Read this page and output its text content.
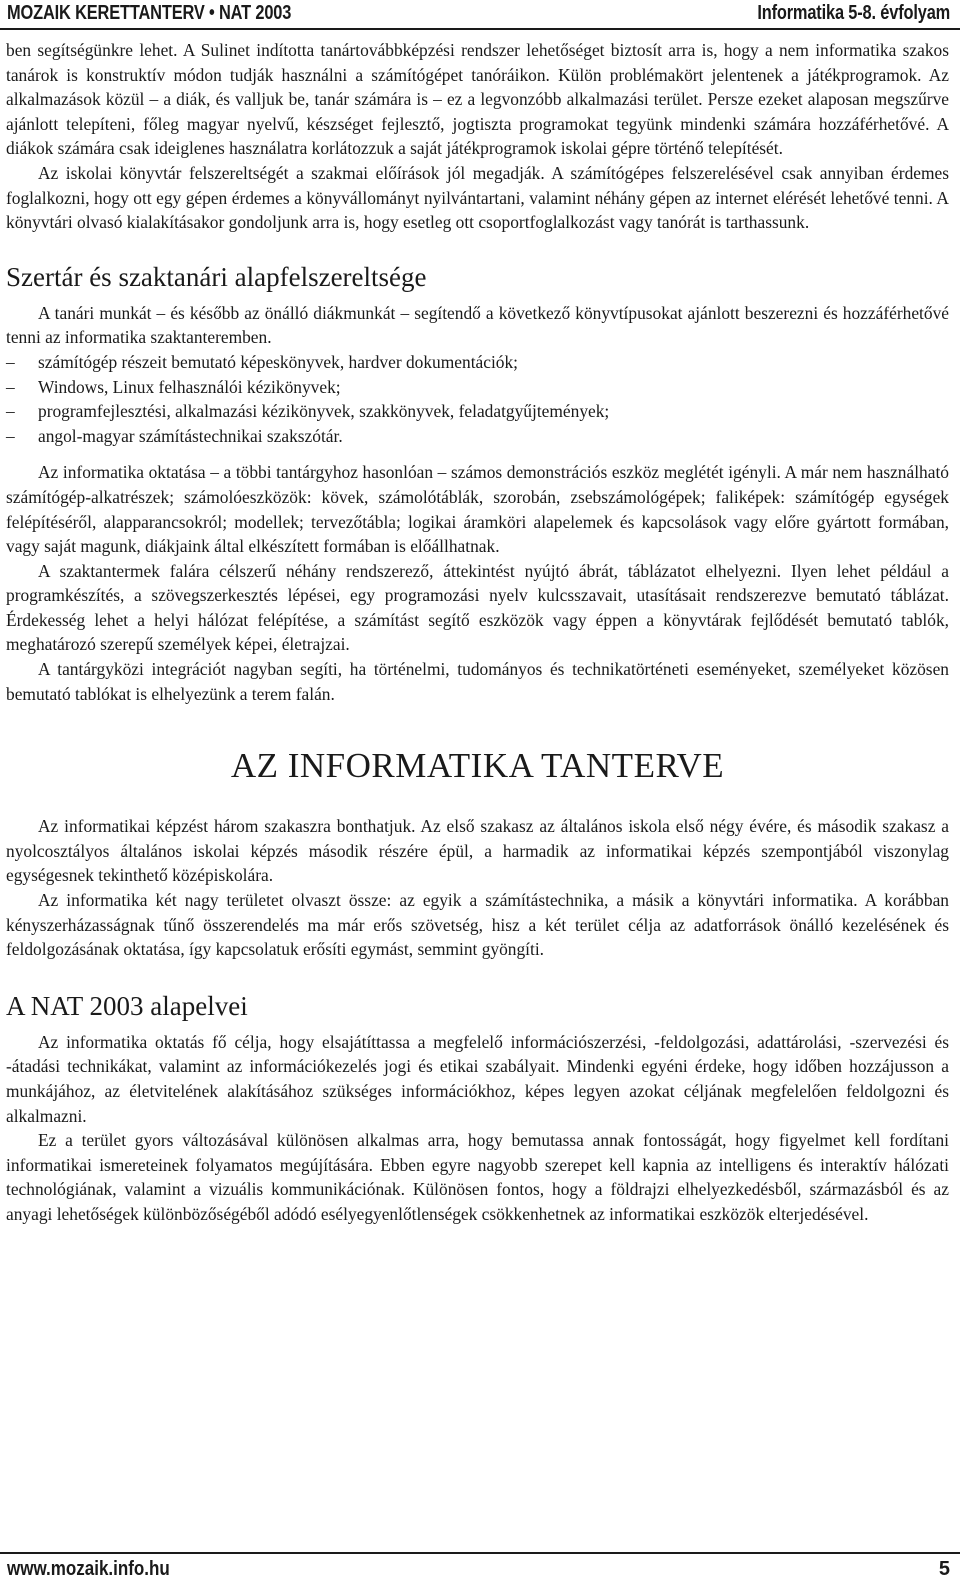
MOZAIK KERETTANTERV • NAT 2003	Informatika 5-8. évfolyam

ben segítségünkre lehet. A Sulinet indította tanártovábbképzési rendszer lehetőséget biztosít arra is, hogy a nem informatika szakos tanárok is konstruktív módon tudják használni a számítógépet tanóráikon. Külön problémakört jelentenek a játékprogramok. Az alkalmazások közül – a diák, és valljuk be, tanár számára is – ez a legvonzóbb alkalmazási terület. Persze ezeket alaposan megszűrve ajánlott telepíteni, főleg magyar nyelvű, készséget fejlesztő, jogtiszta programokat tegyünk mindenki számára hozzáférhetővé. A diákok számára csak ideiglenes használatra korlátozzuk a saját játékprogramok iskolai gépre történő telepítését.

Az iskolai könyvtár felszereltségét a szakmai előírások jól megadják. A számítógépes felszerelésével csak annyiban érdemes foglalkozni, hogy ott egy gépen érdemes a könyvállományt nyilvántartani, valamint néhány gépen az internet elérését lehetővé tenni. A könyvtári olvasó kialakításakor gondoljunk arra is, hogy esetleg ott csoportfoglalkozást vagy tanórát is tarthassunk.

Szertár és szaktanári alapfelszereltsége

A tanári munkát – és később az önálló diákmunkát – segítendő a következő könyvtípusokat ajánlott beszerezni és hozzáférhetővé tenni az informatika szaktanteremben.

– számítógép részeit bemutató képeskönyvek, hardver dokumentációk;
– Windows, Linux felhasználói kézikönyvek;
– programfejlesztési, alkalmazási kézikönyvek, szakkönyvek, feladatgyűjtemények;
– angol-magyar számítástechnikai szakszótár.

Az informatika oktatása – a többi tantárgyhoz hasonlóan – számos demonstrációs eszköz meglétét igényli. A már nem használható számítógép-alkatrészek; számolóeszközök: kövek, számolótáblák, szorobán, zsebszámológépek; faliképek: számítógép egységek felépítéséről, alapparancsokról; modellek; tervezőtábla; logikai áramköri alapelemek és kapcsolások vagy előre gyártott formában, vagy saját magunk, diákjaink által elkészített formában is előállhatnak.

A szaktantermek falára célszerű néhány rendszerező, áttekintést nyújtó ábrát, táblázatot elhelyezni. Ilyen lehet például a programkészítés, a szövegszerkesztés lépései, egy programozási nyelv kulcsszavait, utasításait rendszerezve bemutató táblázat. Érdekesség lehet a helyi hálózat felépítése, a számítást segítő eszközök vagy éppen a könyvtárak fejlődését bemutató tablók, meghatározó szerepű személyek képei, életrajzai.

A tantárgyközi integrációt nagyban segíti, ha történelmi, tudományos és technikatörténeti eseményeket, személyeket közösen bemutató tablókat is elhelyezünk a terem falán.

AZ INFORMATIKA TANTERVE

Az informatikai képzést három szakaszra bonthatjuk. Az első szakasz az általános iskola első négy évére, és második szakasz a nyolcosztályos általános iskolai képzés második részére épül, a harmadik az informatikai képzés szempontjából viszonylag egységesnek tekinthető középiskolára.

Az informatika két nagy területet olvaszt össze: az egyik a számítástechnika, a másik a könyvtári informatika. A korábban kényszerházasságnak tűnő összerendelés ma már erős szövetség, hisz a két terület célja az adatforrások önálló kezelésének és feldolgozásának oktatása, így kapcsolatuk erősíti egymást, semmint gyöngíti.

A NAT 2003 alapelvei

Az informatika oktatás fő célja, hogy elsajátíttassa a megfelelő információszerzési, -feldolgozási, adattárolási, -szervezési és -átadási technikákat, valamint az információkezelés jogi és etikai szabályait. Mindenki egyéni érdeke, hogy időben hozzájusson a munkájához, az életvitelének alakításához szükséges információkhoz, képes legyen azokat céljának megfelelően feldolgozni és alkalmazni.

Ez a terület gyors változásával különösen alkalmas arra, hogy bemutassa annak fontosságát, hogy figyelmet kell fordítani informatikai ismereteinek folyamatos megújítására. Ebben egyre nagyobb szerepet kell kapnia az intelligens és interaktív hálózati technológiának, valamint a vizuális kommunikációnak. Különösen fontos, hogy a földrajzi elhelyezkedésből, származásból és az anyagi lehetőségek különbözőségéből adódó esélyegyenlőtlenségek csökkenhetnek az informatikai eszközök elterjedésével.

www.mozaik.info.hu	5
